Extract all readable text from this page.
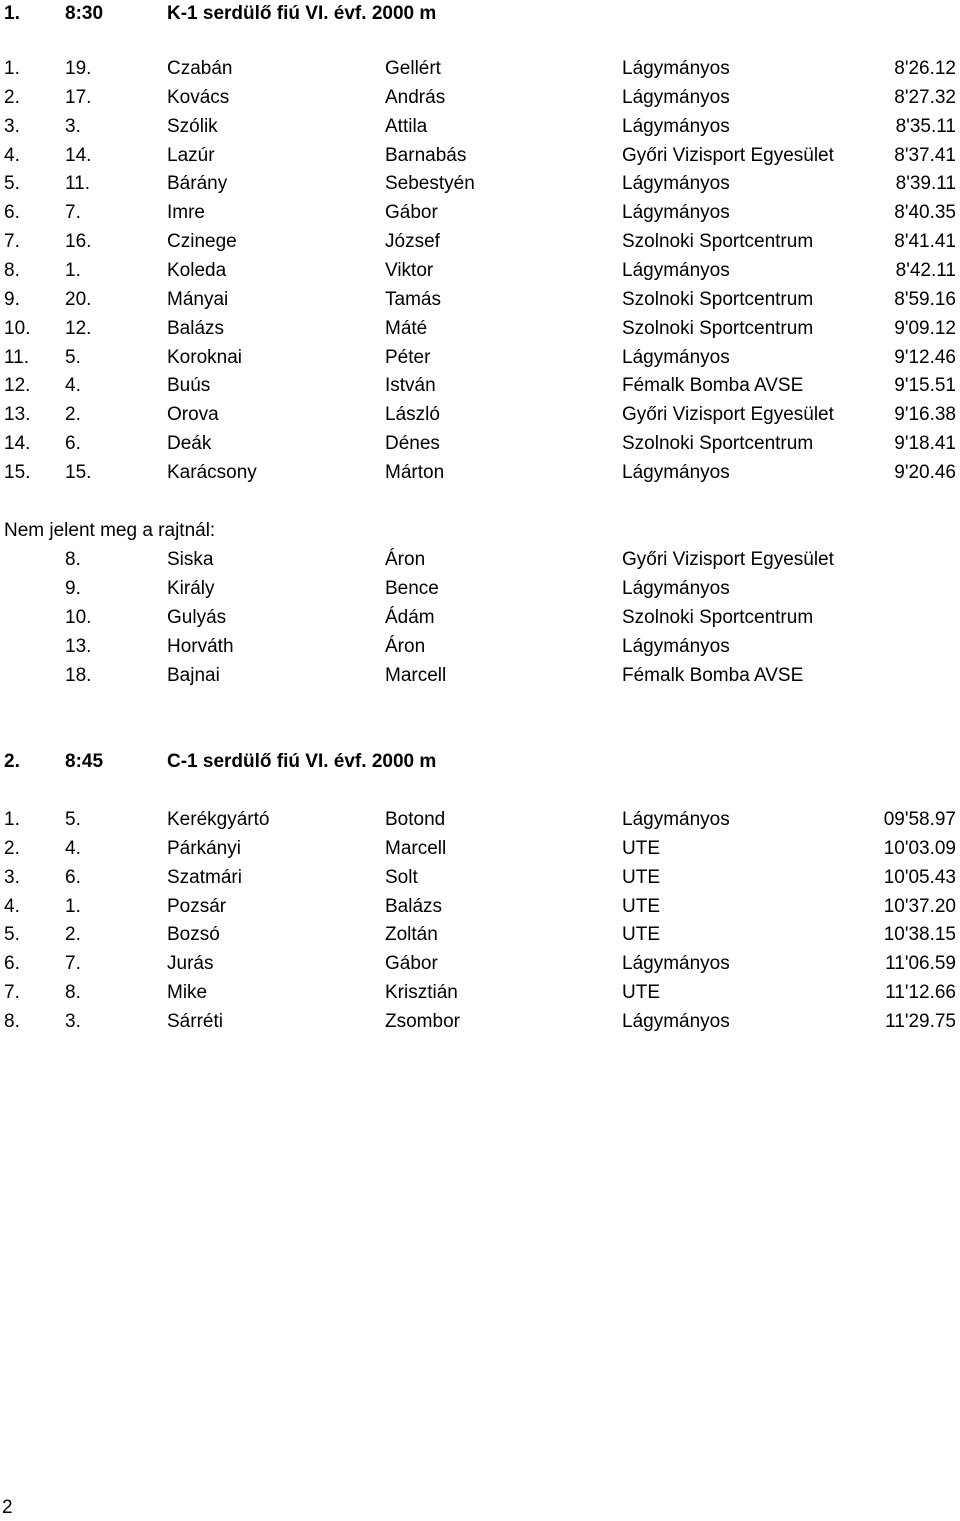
1. 8:30	K-1 serdülő fiú VI. évf. 2000 m
1. 19.	Czabán	Gellért	Lágymányos	8'26.12
2. 17.	Kovács	András	Lágymányos	8'27.32
3. 3.	Szólik	Attila	Lágymányos	8'35.11
4. 14.	Lazúr	Barnabás	Győri Vizisport Egyesület	8'37.41
5. 11.	Bárány	Sebestyén	Lágymányos	8'39.11
6. 7.	Imre	Gábor	Lágymányos	8'40.35
7. 16.	Czinege	József	Szolnoki Sportcentrum	8'41.41
8. 1.	Koleda	Viktor	Lágymányos	8'42.11
9. 20.	Mányai	Tamás	Szolnoki Sportcentrum	8'59.16
10. 12.	Balázs	Máté	Szolnoki Sportcentrum	9'09.12
11. 5.	Koroknai	Péter	Lágymányos	9'12.46
12. 4.	Buús	István	Fémalk Bomba AVSE	9'15.51
13. 2.	Orova	László	Győri Vizisport Egyesület	9'16.38
14. 6.	Deák	Dénes	Szolnoki Sportcentrum	9'18.41
15. 15.	Karácsony	Márton	Lágymányos	9'20.46
Nem jelent meg a rajtnál:
8.	Siska	Áron	Győri Vizisport Egyesület
9.	Király	Bence	Lágymányos
10.	Gulyás	Ádám	Szolnoki Sportcentrum
13.	Horváth	Áron	Lágymányos
18.	Bajnai	Marcell	Fémalk Bomba AVSE
2. 8:45	C-1 serdülő fiú VI. évf. 2000 m
1. 5.	Kerékgyártó	Botond	Lágymányos	09'58.97
2. 4.	Párkányi	Marcell	UTE	10'03.09
3. 6.	Szatmári	Solt	UTE	10'05.43
4. 1.	Pozsár	Balázs	UTE	10'37.20
5. 2.	Bozsó	Zoltán	UTE	10'38.15
6. 7.	Jurás	Gábor	Lágymányos	11'06.59
7. 8.	Mike	Krisztián	UTE	11'12.66
8. 3.	Sárréti	Zsombor	Lágymányos	11'29.75
2
